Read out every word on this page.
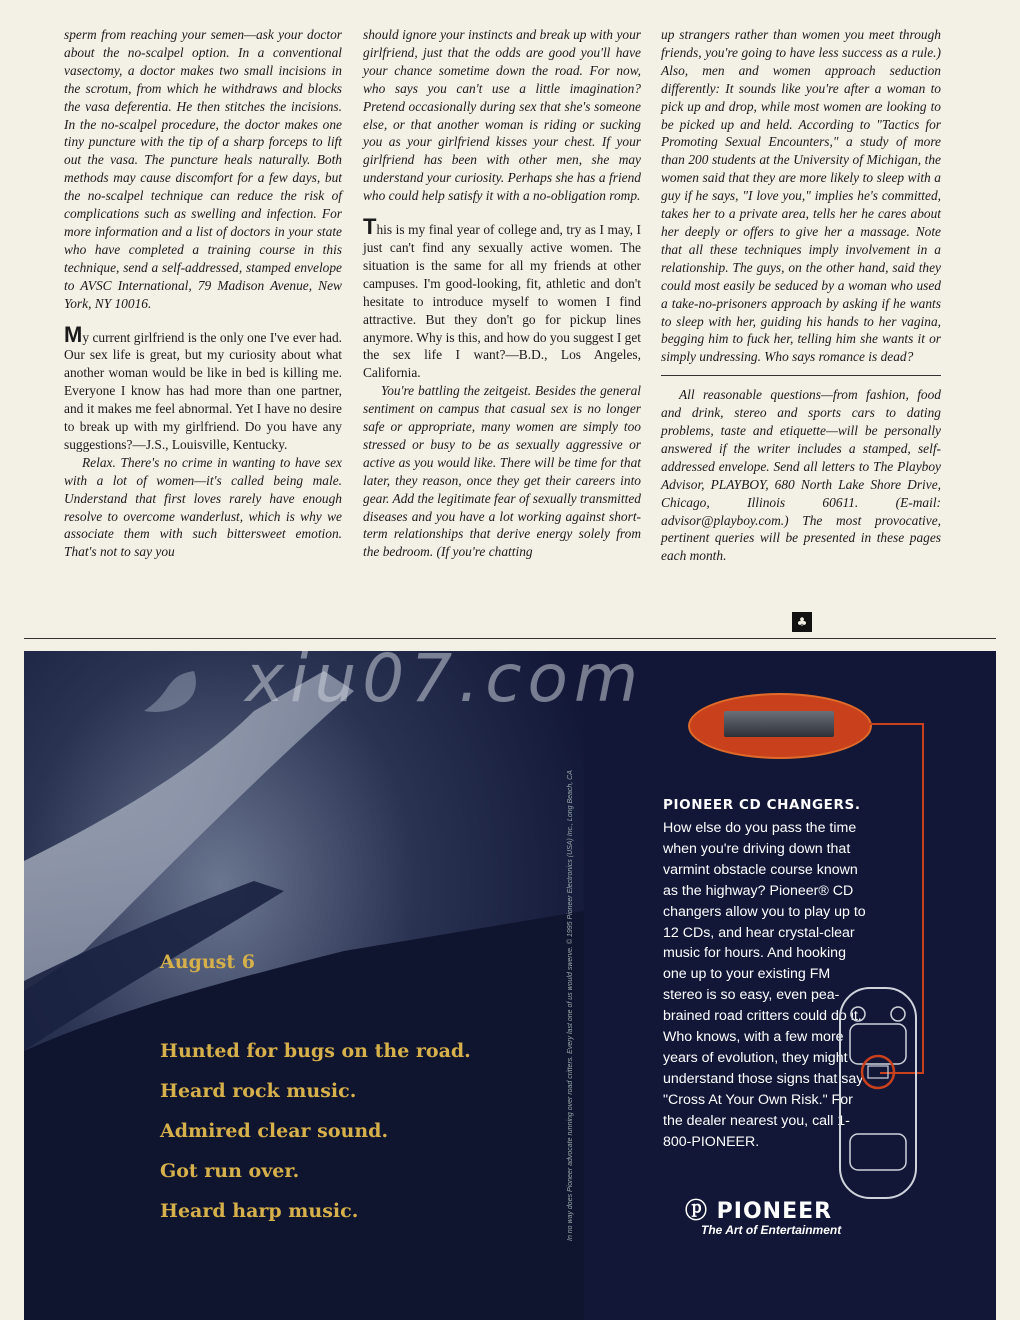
sperm from reaching your semen—ask your doctor about the no-scalpel option. In a conventional vasectomy, a doctor makes two small incisions in the scrotum, from which he withdraws and blocks the vasa deferentia. He then stitches the incisions. In the no-scalpel procedure, the doctor makes one tiny puncture with the tip of a sharp forceps to lift out the vasa. The puncture heals naturally. Both methods may cause discomfort for a few days, but the no-scalpel technique can reduce the risk of complications such as swelling and infection. For more information and a list of doctors in your state who have completed a training course in this technique, send a self-addressed, stamped envelope to AVSC International, 79 Madison Avenue, New York, NY 10016.

My current girlfriend is the only one I've ever had. Our sex life is great, but my curiosity about what another woman would be like in bed is killing me. Everyone I know has had more than one partner, and it makes me feel abnormal. Yet I have no desire to break up with my girlfriend. Do you have any suggestions?—J.S., Louisville, Kentucky.

Relax. There's no crime in wanting to have sex with a lot of women—it's called being male. Understand that first loves rarely have enough resolve to overcome wanderlust, which is why we associate them with such bittersweet emotion. That's not to say you

should ignore your instincts and break up with your girlfriend, just that the odds are good you'll have your chance sometime down the road. For now, who says you can't use a little imagination? Pretend occasionally during sex that she's someone else, or that another woman is riding or sucking you as your girlfriend kisses your chest. If your girlfriend has been with other men, she may understand your curiosity. Perhaps she has a friend who could help satisfy it with a no-obligation romp.

This is my final year of college and, try as I may, I just can't find any sexually active women. The situation is the same for all my friends at other campuses. I'm good-looking, fit, athletic and don't hesitate to introduce myself to women I find attractive. But they don't go for pickup lines anymore. Why is this, and how do you suggest I get the sex life I want?—B.D., Los Angeles, California.

You're battling the zeitgeist. Besides the general sentiment on campus that casual sex is no longer safe or appropriate, many women are simply too stressed or busy to be as sexually aggressive or active as you would like. There will be time for that later, they reason, once they get their careers into gear. Add the legitimate fear of sexually transmitted diseases and you have a lot working against short-term relationships that derive energy solely from the bedroom. (If you're chatting

up strangers rather than women you meet through friends, you're going to have less success as a rule.) Also, men and women approach seduction differently: It sounds like you're after a woman to pick up and drop, while most women are looking to be picked up and held. According to "Tactics for Promoting Sexual Encounters," a study of more than 200 students at the University of Michigan, the women said that they are more likely to sleep with a guy if he says, "I love you," implies he's committed, takes her to a private area, tells her he cares about her deeply or offers to give her a massage. Note that all these techniques imply involvement in a relationship. The guys, on the other hand, said they could most easily be seduced by a woman who used a take-no-prisoners approach by asking if he wants to sleep with her, guiding his hands to her vagina, begging him to fuck her, telling him she wants it or simply undressing. Who says romance is dead?

All reasonable questions—from fashion, food and drink, stereo and sports cars to dating problems, taste and etiquette—will be personally answered if the writer includes a stamped, self-addressed envelope. Send all letters to The Playboy Advisor, PLAYBOY, 680 North Lake Shore Drive, Chicago, Illinois 60611. (E-mail: advisor@playboy.com.) The most provocative, pertinent queries will be presented in these pages each month.

♣
August 6
Hunted for bugs on the road.
Heard rock music.
Admired clear sound.
Got run over.
Heard harp music.	In no way does Pioneer advocate running over road critters. Every last one of us would swerve. © 1995 Pioneer Electronics (USA) Inc., Long Beach, CA	PIONEER CD CHANGERS.
How else do you pass the time when you're driving down that varmint obstacle course known as the highway? Pioneer® CD changers allow you to play up to 12 CDs, and hear crystal-clear music for hours. And hooking one up to your existing FM stereo is so easy, even pea-brained road critters could do it. Who knows, with a few more years of evolution, they might understand those signs that say "Cross At Your Own Risk." For the dealer nearest you, call 1-800-PIONEER.
ⓟ PIONEER
The Art of Entertainment
xiu07.com
